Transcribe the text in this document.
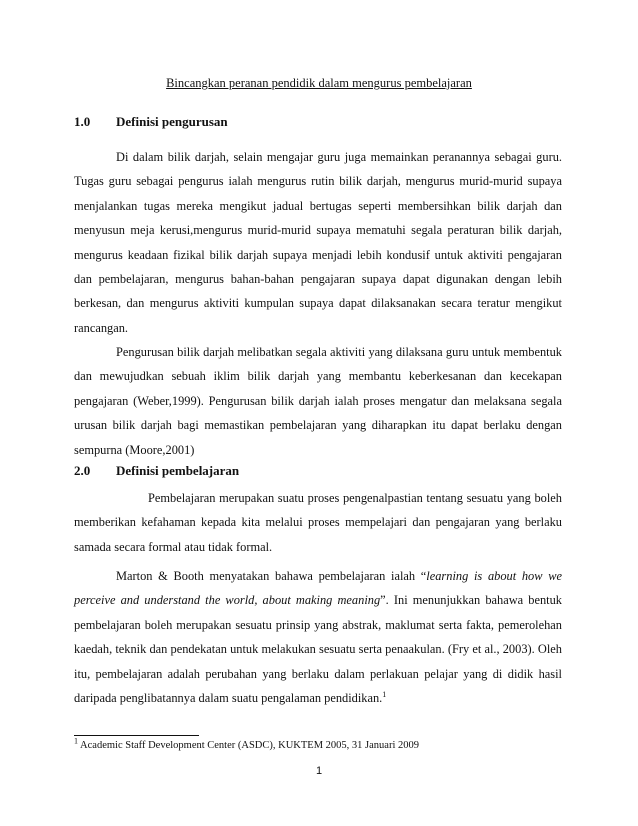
Bincangkan peranan pendidik dalam mengurus pembelajaran
1.0 Definisi pengurusan
Di dalam bilik darjah, selain mengajar guru juga memainkan peranannya sebagai guru. Tugas guru sebagai pengurus ialah mengurus rutin bilik darjah, mengurus murid-murid supaya menjalankan tugas mereka mengikut jadual bertugas seperti membersihkan bilik darjah dan menyusun meja kerusi,mengurus murid-murid supaya mematuhi segala peraturan bilik darjah, mengurus keadaan fizikal bilik darjah supaya menjadi lebih kondusif untuk aktiviti pengajaran dan pembelajaran, mengurus bahan-bahan pengajaran supaya dapat digunakan dengan lebih berkesan, dan mengurus aktiviti kumpulan supaya dapat dilaksanakan secara teratur mengikut rancangan.
Pengurusan bilik darjah melibatkan segala aktiviti yang dilaksana guru untuk membentuk dan mewujudkan sebuah iklim bilik darjah yang membantu keberkesanan dan kecekapan pengajaran (Weber,1999). Pengurusan bilik darjah ialah proses mengatur dan melaksana segala urusan bilik darjah bagi memastikan pembelajaran yang diharapkan itu dapat berlaku dengan sempurna (Moore,2001)
2.0 Definisi pembelajaran
Pembelajaran merupakan suatu proses pengenalpastian tentang sesuatu yang boleh memberikan kefahaman kepada kita melalui proses mempelajari dan pengajaran yang berlaku samada secara formal atau tidak formal.
Marton & Booth menyatakan bahawa pembelajaran ialah “learning is about how we perceive and understand the world, about making meaning”. Ini menunjukkan bahawa bentuk pembelajaran boleh merupakan sesuatu prinsip yang abstrak, maklumat serta fakta, pemerolehan kaedah, teknik dan pendekatan untuk melakukan sesuatu serta penaakulan. (Fry et al., 2003). Oleh itu, pembelajaran adalah perubahan yang berlaku dalam perlakuan pelajar yang di didik hasil daripada penglibatannya dalam suatu pengalaman pendidikan.$^1$
$^1$ Academic Staff Development Center (ASDC), KUKTEM 2005, 31 Januari 2009
1
